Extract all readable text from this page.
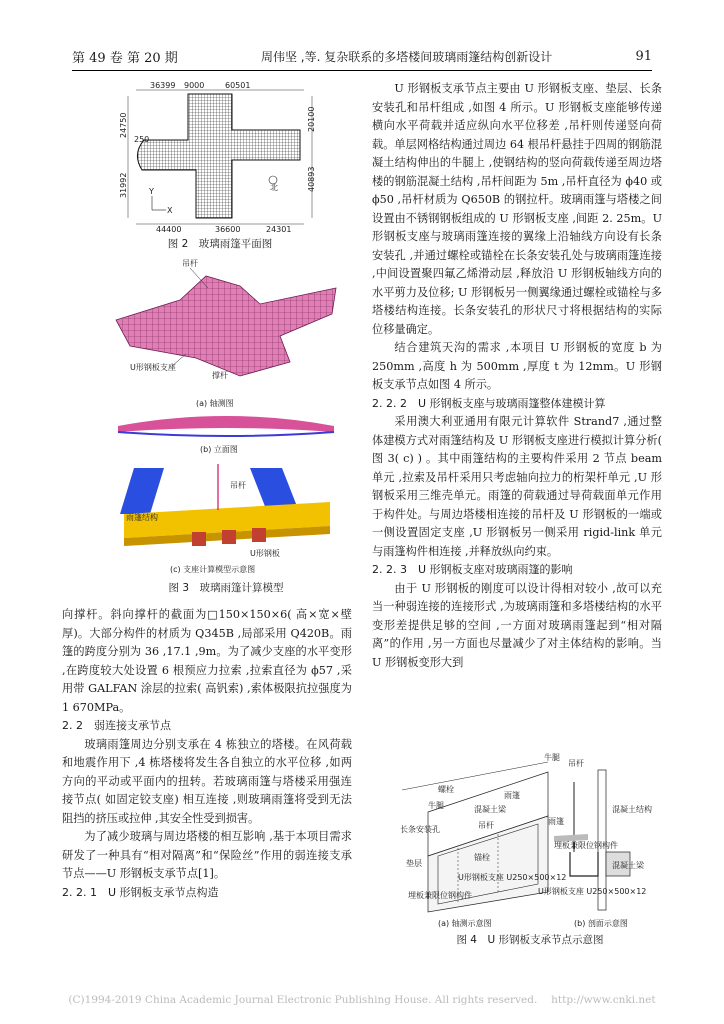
第 49 卷 第 20 期	周伟坚 ,等. 复杂联系的多塔楼间玻璃雨篷结构创新设计	91
36399 9000	60501
44400	36600	24301
24750
31992
20100
40893
250
北
X
Y
图 2　玻璃雨篷平面图
吊杆
U形钢板支座
撑杆
(a) 轴测图
(b) 立面图
吊杆
雨篷结构
U形钢板
(c) 支座计算模型示意图
图 3　玻璃雨篷计算模型

向撑杆。斜向撑杆的截面为□150×150×6( 高×宽×壁厚)。大部分构件的材质为 Q345B ,局部采用 Q420B。雨篷的跨度分别为 36 ,17.1 ,9m。为了减少支座的水平变形 ,在跨度较大处设置 6 根预应力拉索 ,拉索直径为 ϕ57 ,采用带 GALFAN 涂层的拉索( 高钒索) ,索体极限抗拉强度为 1 670MPa。

2. 2　弱连接支承节点

玻璃雨篷周边分别支承在 4 栋独立的塔楼。在风荷载和地震作用下 ,4 栋塔楼将发生各自独立的水平位移 ,如两方向的平动或平面内的扭转。若玻璃雨篷与塔楼采用强连接节点( 如固定铰支座) 相互连接 ,则玻璃雨篷将受到无法阻挡的挤压或拉伸 ,其安全性受到损害。

为了减少玻璃与周边塔楼的相互影响 ,基于本项目需求研发了一种具有“相对隔离”和“保险丝”作用的弱连接支承节点——U 形钢板支承节点[1]。

2. 2. 1　U 形钢板支承节点构造

U 形钢板支承节点主要由 U 形钢板支座、垫层、长条安装孔和吊杆组成 ,如图 4 所示。U 形钢板支座能够传递横向水平荷载并适应纵向水平位移差 ,吊杆则传递竖向荷载。单层网格结构通过周边 64 根吊杆悬挂于四周的钢筋混凝土结构伸出的牛腿上 ,使钢结构的竖向荷载传递至周边塔楼的钢筋混凝土结构 ,吊杆间距为 5m ,吊杆直径为 ϕ40 或 ϕ50 ,吊杆材质为 Q650B 的钢拉杆。玻璃雨篷与塔楼之间设置由不锈钢钢板组成的 U 形钢板支座 ,间距 2. 25m。U 形钢板支座与玻璃雨篷连接的翼缘上沿轴线方向设有长条安装孔 ,并通过螺栓或锚栓在长条安装孔处与玻璃雨篷连接 ,中间设置聚四氟乙烯滑动层 ,释放沿 U 形钢板轴线方向的水平剪力及位移; U 形钢板另一侧翼缘通过螺栓或锚栓与多塔楼结构连接。长条安装孔的形状尺寸将根据结构的实际位移量确定。

结合建筑天沟的需求 ,本项目 U 形钢板的宽度 b 为 250mm ,高度 h 为 500mm ,厚度 t 为 12mm。U 形钢板支承节点如图 4 所示。

2. 2. 2　U 形钢板支座与玻璃雨篷整体建模计算

采用澳大利亚通用有限元计算软件 Strand7 ,通过整体建模方式对雨篷结构及 U 形钢板支座进行模拟计算分析( 图 3( c) ) 。其中雨篷结构的主要构件采用 2 节点 beam 单元 ,拉索及吊杆采用只考虑轴向拉力的桁架杆单元 ,U 形钢板采用三维壳单元。雨篷的荷载通过导荷载面单元作用于构件处。与周边塔楼相连接的吊杆及 U 形钢板的一端或一侧设置固定支座 ,U 形钢板另一侧采用 rigid-link 单元与雨篷构件相连接 ,并释放纵向约束。

2. 2. 3　U 形钢板支座对玻璃雨篷的影响

由于 U 形钢板的刚度可以设计得相对较小 ,故可以充当一种弱连接的连接形式 ,为玻璃雨篷和多塔楼结构的水平变形差提供足够的空间 ,一方面对玻璃雨篷起到“相对隔离”的作用 ,另一方面也尽量减少了对主体结构的影响。当 U 形钢板变形大到

牛腿
螺栓
牛腿	混凝土梁
吊杆
长条安装孔
垫层
锚栓
U形钢板支座 U250×500×12
埋板兼限位钢构件
雨篷
(a) 轴测示意图
吊杆
混凝土结构
埋板兼限位钢构件
U形钢板支座 U250×500×12
混凝土梁
雨篷
(b) 剖面示意图
图 4　U 形钢板支承节点示意图
(C)1994-2019 China Academic Journal Electronic Publishing House. All rights reserved.　 http://www.cnki.net
